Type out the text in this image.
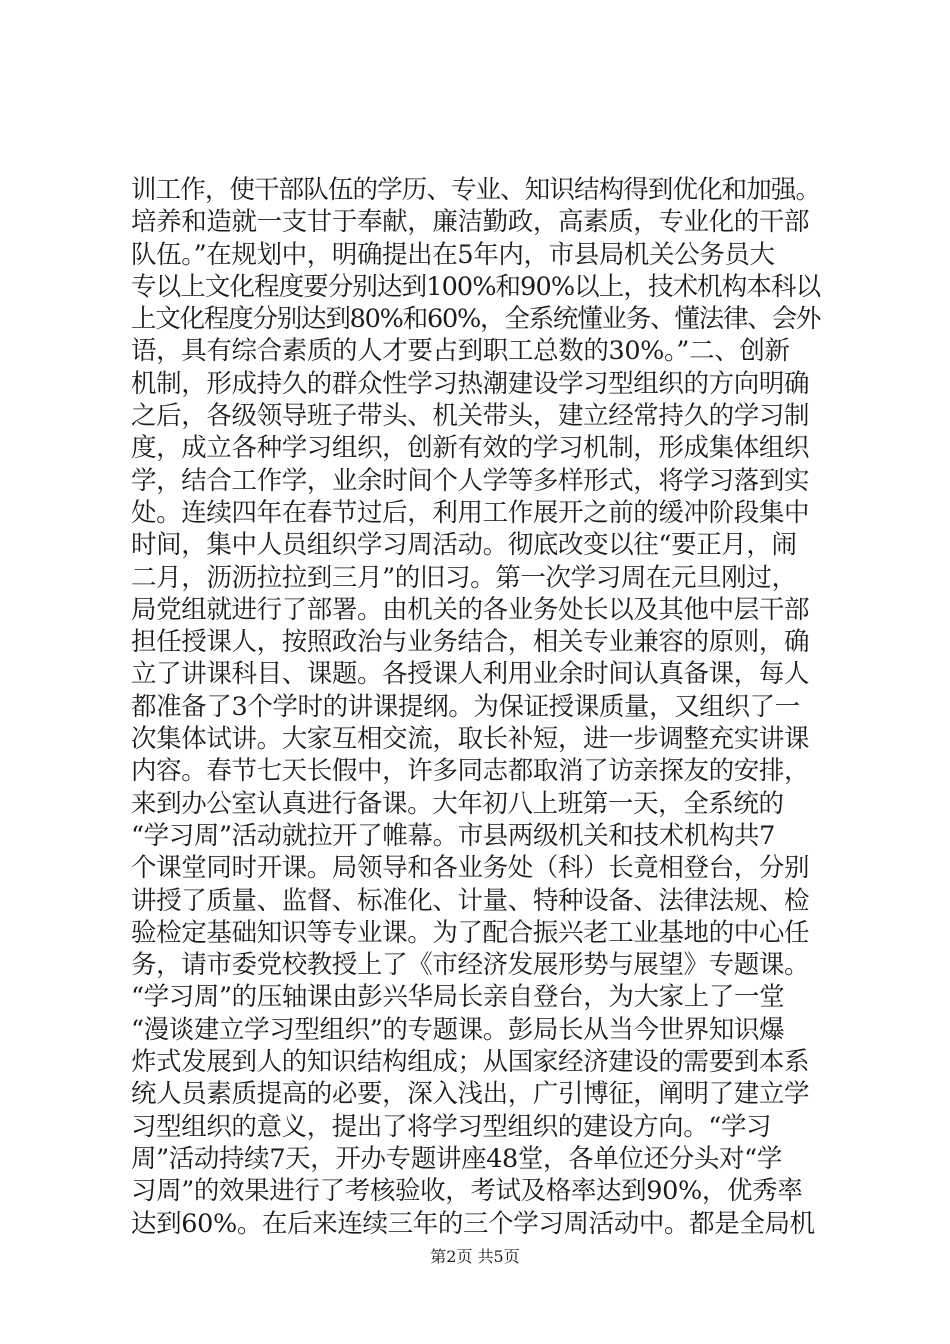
训工作，使干部队伍的学历、专业、知识结构得到优化和加强。
培养和造就一支甘于奉献，廉洁勤政，高素质，专业化的干部
队伍。”在规划中，明确提出在5年内，市县局机关公务员大
专以上文化程度要分别达到100%和90%以上，技术机构本科以
上文化程度分别达到80%和60%，全系统懂业务、懂法律、会外
语，具有综合素质的人才要占到职工总数的30%。”二、创新
机制，形成持久的群众性学习热潮建设学习型组织的方向明确
之后，各级领导班子带头、机关带头，建立经常持久的学习制
度，成立各种学习组织，创新有效的学习机制，形成集体组织
学，结合工作学，业余时间个人学等多样形式，将学习落到实
处。连续四年在春节过后，利用工作展开之前的缓冲阶段集中
时间，集中人员组织学习周活动。彻底改变以往“要正月，闹
二月，沥沥拉拉到三月”的旧习。第一次学习周在元旦刚过，
局党组就进行了部署。由机关的各业务处长以及其他中层干部
担任授课人，按照政治与业务结合，相关专业兼容的原则，确
立了讲课科目、课题。各授课人利用业余时间认真备课，每人
都准备了3个学时的讲课提纲。为保证授课质量，又组织了一
次集体试讲。大家互相交流，取长补短，进一步调整充实讲课
内容。春节七天长假中，许多同志都取消了访亲探友的安排，
来到办公室认真进行备课。大年初八上班第一天，全系统的
“学习周”活动就拉开了帷幕。市县两级机关和技术机构共7
个课堂同时开课。局领导和各业务处（科）长竟相登台，分别
讲授了质量、监督、标准化、计量、特种设备、法律法规、检
验检定基础知识等专业课。为了配合振兴老工业基地的中心任
务，请市委党校教授上了《市经济发展形势与展望》专题课。
“学习周”的压轴课由彭兴华局长亲自登台，为大家上了一堂
“漫谈建立学习型组织”的专题课。彭局长从当今世界知识爆
炸式发展到人的知识结构组成；从国家经济建设的需要到本系
统人员素质提高的必要，深入浅出，广引博征，阐明了建立学
习型组织的意义，提出了将学习型组织的建设方向。“学习
周”活动持续7天，开办专题讲座48堂，各单位还分头对“学
习周”的效果进行了考核验收，考试及格率达到90%，优秀率
达到60%。在后来连续三年的三个学习周活动中。都是全局机
第2页 共5页
